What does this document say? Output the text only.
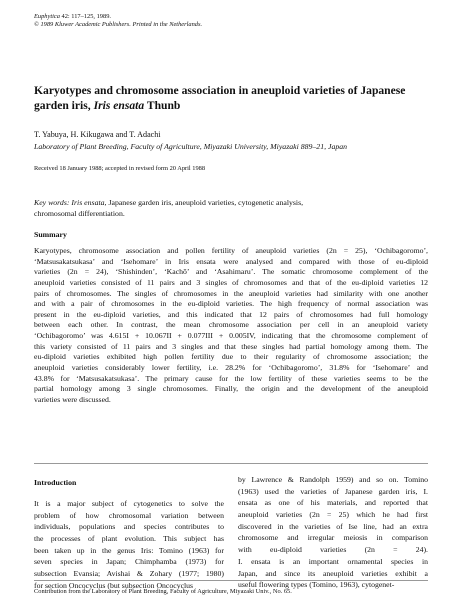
Euphytica 42: 117–125, 1989.
© 1989 Kluwer Academic Publishers. Printed in the Netherlands.
Karyotypes and chromosome association in aneuploid varieties of Japanese
garden iris, Iris ensata Thunb
T. Yabuya, H. Kikugawa and T. Adachi
Laboratory of Plant Breeding, Faculty of Agriculture, Miyazaki University, Miyazaki 889–21, Japan
Received 18 January 1988; accepted in revised form 20 April 1988
Key words: Iris ensata, Japanese garden iris, aneuploid varieties, cytogenetic analysis,
chromosomal differentiation.
Summary
Karyotypes, chromosome association and pollen fertility of aneuploid varieties (2n = 25), ‘Ochibagoromo’,
‘Matsusakatsukasa’ and ‘Isehomare’ in Iris ensata were analysed and compared with those of eu-diploid
varieties (2n = 24), ‘Shishinden’, ‘Kachō’ and ‘Asahimaru’. The somatic chromosome complement of the
aneuploid varieties consisted of 11 pairs and 3 singles of chromosomes and that of the eu-diploid varieties 12
pairs of chromosomes. The singles of chromosomes in the aneuploid varieties had similarity with one another
and with a pair of chromosomes in the eu-diploid varieties. The high frequency of normal association was
present in the eu-diploid varieties, and this indicated that 12 pairs of chromosomes had full homology
between each other. In contrast, the mean chromosome association per cell in an aneuploid variety
‘Ochibagoromo’ was 4.615I + 10.067II + 0.077III + 0.005IV, indicating that the chromosome complement of
this variety consisted of 11 pairs and 3 singles and that these singles had partial homology among them. The
eu-diploid varieties exhibited high pollen fertility due to their regularity of chromosome association; the
aneuploid varieties considerably lower fertility, i.e. 28.2% for ‘Ochibagoromo’, 31.8% for ‘Isehomare’ and
43.8% for ‘Matsusakatsukasa’. The primary cause for the low fertility of these varieties seems to be the
partial homology among 3 single chromosomes. Finally, the origin and the development of the aneuploid
varieties were discussed.
Introduction
It is a major subject of cytogenetics to solve the
problem of how chromosomal variation between
individuals, populations and species contributes to
the processes of plant evolution. This subject has
been taken up in the genus Iris: Tomino (1963) for
seven species in Japan; Chimphamba (1973) for
subsection Evansia; Avishai & Zohary (1977; 1980)
for section Oncocyclus (but subsection Oncocyclus
by Lawrence & Randolph 1959) and so on. Tomino
(1963) used the varieties of Japanese garden iris, I.
ensata as one of his materials, and reported that
aneuploid varieties (2n = 25) which he had first
discovered in the varieties of Ise line, had an extra
chromosome and irregular meiosis in comparison
with eu-diploid varieties (2n = 24).
I. ensata is an important ornamental species in
Japan, and since its aneuploid varieties exhibit a
useful flowering types (Tomino, 1963), cytogenet-
Contribution from the Laboratory of Plant Breeding, Faculty of Agriculture, Miyazaki Univ., No. 65.
